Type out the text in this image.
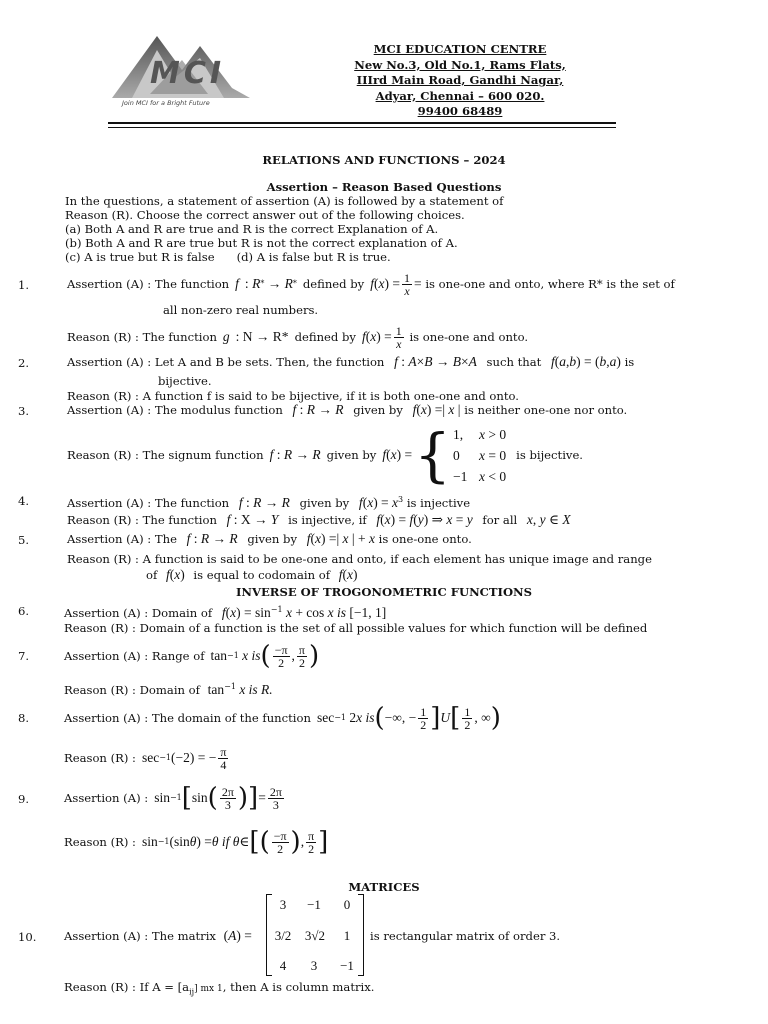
MCI
Join MCI for a Bright Future
MCI EDUCATION CENTRE
New No.3, Old No.1, Rams Flats,
IIIrd Main Road, Gandhi Nagar,
Adyar, Chennai – 600 020.
99400 68489
RELATIONS AND FUNCTIONS – 2024
Assertion – Reason Based Questions
In the questions, a statement of assertion (A) is followed by a statement of
Reason (R). Choose the correct answer out of the following choices.
(a) Both A and R are true and R is the correct Explanation of A.
(b) Both A and R are true but R is not the correct explanation of A.
(c) A is true but R is false (d) A is false but R is true.
1.	Assertion (A) :
The function f : R * → R * defined by f ( x ) = $\frac{1}{x}$ =
is one-one and onto, where R* is the set of
all non-zero real numbers.
Reason (R) :
The function g : N → R* defined by f ( x ) = $\frac{1}{x}$
is one-one and onto.
2.	Assertion (A) : Let A and B be sets. Then, the function f : A×B → B×A such that f(a,b) = (b,a) is
bijective.
Reason (R) : A function f is said to be bijective, if it is both one-one and onto.
3.	Assertion (A) : The modulus function f : R → R given by f(x) =| x | is neither one-one nor onto.
Reason (R) :
The signum function f : R → R given by f ( x ) = { 1, x > 0
0 x = 0
−1 x < 0
is bijective.
4.	Assertion (A) : The function f : R → R given by $f(x) = x^3$ is injective
Reason (R) : The function f : X → Y is injective, if f(x) = f(y) ⇒ x = y for all x, y ∈ X
5.	Assertion (A) : The f : R → R given by f(x) =| x | + x is one-one onto.
Reason (R) : A function is said to be one-one and onto, if each element has unique image and range
of f(x) is equal to codomain of f(x)
INVERSE OF TROGONOMETRIC FUNCTIONS
6.	Assertion (A) : Domain of $f(x) = \sin^{-1} x + \cos x$ is [−1, 1]
Reason (R) : Domain of a function is the set of all possible values for which function will be defined
7.	Assertion (A) :
Range of tan −1 x is ( $\frac{-\pi}{2}$ , $\frac{\pi}{2}$ )
Reason (R) : Domain of $\tan^{-1} x$ is R.
8.	Assertion (A) :
The domain of the function sec −1 2 x is ( −∞, − $\frac{1}{2}$ ] U [ $\frac{1}{2}$ , ∞ )
Reason (R) : sec −1 (−2) = − $\frac{\pi}{4}$
9.	Assertion (A) : sin −1 [ sin ( $\frac{2\pi}{3}$ ) ] = $\frac{2\pi}{3}$
Reason (R) : sin −1 (sin θ ) = θ if θ ∈ [ ( $\frac{-\pi}{2}$ ) , $\frac{\pi}{2}$ ]
MATRICES
10. Assertion (A) : The matrix (A) =
3	−1	0
3/2	3√2	1
4	3	−1
is rectangular matrix of order 3.
Reason (R) : If $A = [a_{ij}]$ mx 1, then A is column matrix.
